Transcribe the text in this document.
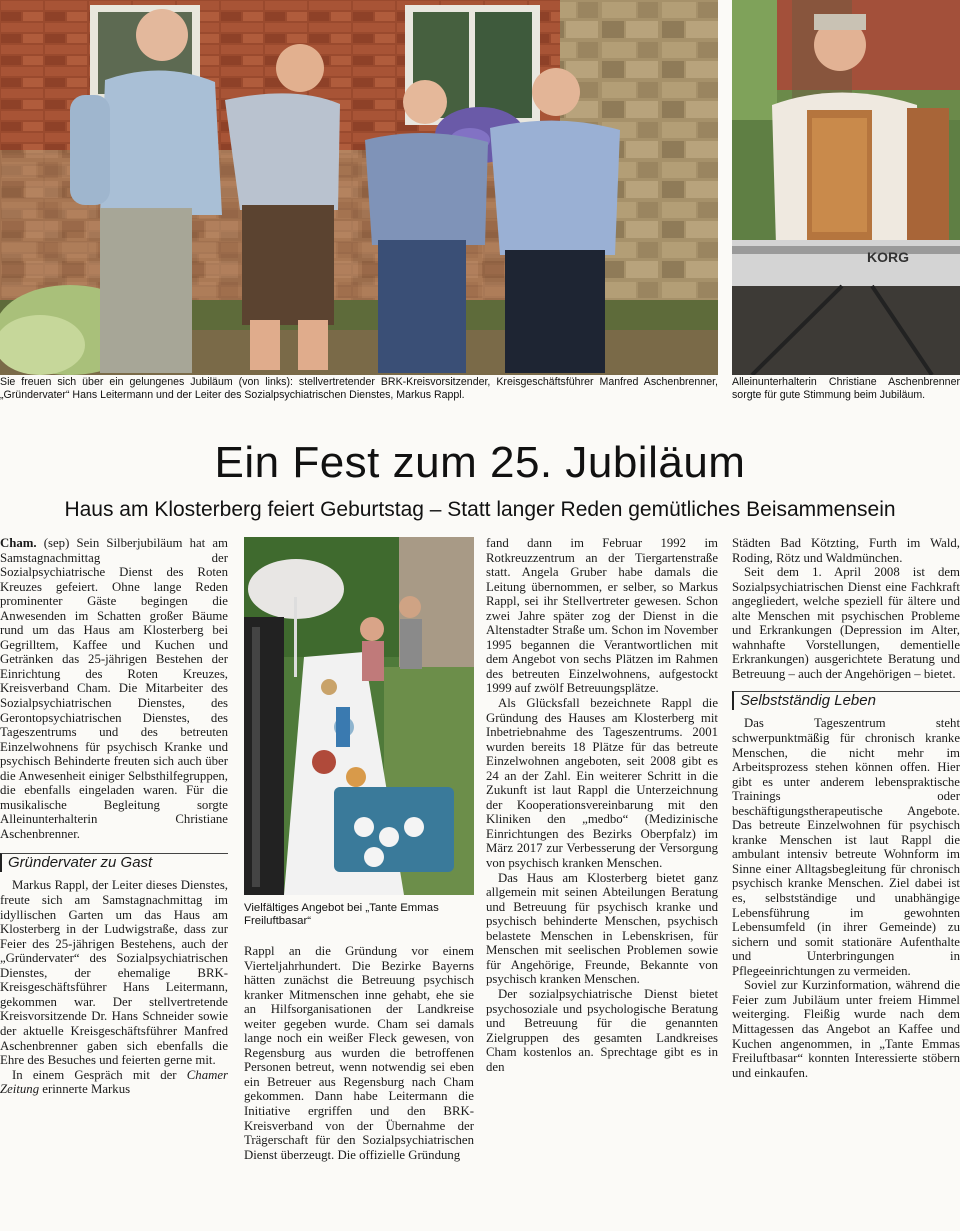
KORG
Sie freuen sich über ein gelungenes Jubiläum (von links): stellvertretender BRK-Kreisvorsitzender, Kreisgeschäftsführer Manfred Aschenbrenner, „Gründervater“ Hans Leitermann und der Leiter des Sozialpsychiatrischen Dienstes, Markus Rappl.
Alleinunterhalterin Christiane Aschenbrenner sorgte für gute Stimmung beim Jubiläum.
Ein Fest zum 25. Jubiläum
Haus am Klosterberg feiert Geburtstag – Statt langer Reden gemütliches Beisammensein
Vielfältiges Angebot bei „Tante Emmas Freiluftbasar“

Cham. (sep) Sein Silberjubiläum hat am Samstagnachmittag der Sozialpsychiatrische Dienst des Roten Kreuzes gefeiert. Ohne lange Reden prominenter Gäste begingen die Anwesenden im Schatten großer Bäume rund um das Haus am Klosterberg bei Gegrilltem, Kaffee und Kuchen und Getränken das 25-jährigen Bestehen der Einrichtung des Roten Kreuzes, Kreisverband Cham. Die Mitarbeiter des Sozialpsychiatrischen Dienstes, des Gerontopsychiatrischen Dienstes, des Tageszentrums und des betreuten Einzelwohnens für psychisch Kranke und psychisch Behinderte freuten sich auch über die Anwesenheit einiger Selbsthilfegruppen, die ebenfalls eingeladen waren. Für die musikalische Begleitung sorgte Alleinunterhalterin Christiane Aschenbrenner.

Gründervater zu Gast

Markus Rappl, der Leiter dieses Dienstes, freute sich am Samstagnachmittag im idyllischen Garten um das Haus am Klosterberg in der Ludwigstraße, dass zur Feier des 25-jährigen Bestehens, auch der „Gründervater“ des Sozialpsychiatrischen Dienstes, der ehemalige BRK-Kreisgeschäftsführer Hans Leitermann, gekommen war. Der stellvertretende Kreisvorsitzende Dr. Hans Schneider sowie der aktuelle Kreisgeschäftsführer Manfred Aschenbrenner gaben sich ebenfalls die Ehre des Besuches und feierten gerne mit.

In einem Gespräch mit der Chamer Zeitung erinnerte Markus

Rappl an die Gründung vor einem Vierteljahrhundert. Die Bezirke Bayerns hätten zunächst die Betreuung psychisch kranker Mitmenschen inne gehabt, ehe sie an Hilfsorganisationen der Landkreise weiter gegeben wurde. Cham sei damals lange noch ein weißer Fleck gewesen, von Regensburg aus wurden die betroffenen Personen betreut, wenn notwendig sei eben ein Betreuer aus Regensburg nach Cham gekommen. Dann habe Leitermann die Initiative ergriffen und den BRK-Kreisverband von der Übernahme der Trägerschaft für den Sozialpsychiatrischen Dienst überzeugt. Die offizielle Gründung

fand dann im Februar 1992 im Rotkreuzzentrum an der Tiergartenstraße statt. Angela Gruber habe damals die Leitung übernommen, er selber, so Markus Rappl, sei ihr Stellvertreter gewesen. Schon zwei Jahre später zog der Dienst in die Altenstadter Straße um. Schon im November 1995 begannen die Verantwortlichen mit dem Angebot von sechs Plätzen im Rahmen des betreuten Einzelwohnens, aufgestockt 1999 auf zwölf Betreuungsplätze.

Als Glücksfall bezeichnete Rappl die Gründung des Hauses am Klosterberg mit Inbetriebnahme des Tageszentrums. 2001 wurden bereits 18 Plätze für das betreute Einzelwohnen angeboten, seit 2008 gibt es 24 an der Zahl. Ein weiterer Schritt in die Zukunft ist laut Rappl die Unterzeichnung der Kooperationsvereinbarung mit den Kliniken den „medbo“ (Medizinische Einrichtungen des Bezirks Oberpfalz) im März 2017 zur Verbesserung der Versorgung von psychisch kranken Menschen.

Das Haus am Klosterberg bietet ganz allgemein mit seinen Abteilungen Beratung und Betreuung für psychisch kranke und psychisch behinderte Menschen, psychisch belastete Menschen in Lebenskrisen, für Menschen mit seelischen Problemen sowie für Angehörige, Freunde, Bekannte von psychisch kranken Menschen.

Der sozialpsychiatrische Dienst bietet psychosoziale und psychologische Beratung und Betreuung für die genannten Zielgruppen des gesamten Landkreises Cham kostenlos an. Sprechtage gibt es in den

Städten Bad Kötzting, Furth im Wald, Roding, Rötz und Waldmünchen.

Seit dem 1. April 2008 ist dem Sozialpsychiatrischen Dienst eine Fachkraft angegliedert, welche speziell für ältere und alte Menschen mit psychischen Probleme und Erkrankungen (Depression im Alter, wahnhafte Vorstellungen, dementielle Erkrankungen) ausgerichtete Beratung und Betreuung – auch der Angehörigen – bietet.

Selbstständig Leben

Das Tageszentrum steht schwerpunktmäßig für chronisch kranke Menschen, die nicht mehr im Arbeitsprozess stehen können offen. Hier gibt es unter anderem lebenspraktische Trainings oder beschäftigungstherapeutische Angebote. Das betreute Einzelwohnen für psychisch kranke Menschen ist laut Rappl die ambulant intensiv betreute Wohnform im Sinne einer Alltagsbegleitung für chronisch psychisch kranke Menschen. Ziel dabei ist es, selbstständige und unabhängige Lebensführung im gewohnten Lebensumfeld (in ihrer Gemeinde) zu sichern und somit stationäre Aufenthalte und Unterbringungen in Pflegeeinrichtungen zu vermeiden.

Soviel zur Kurzinformation, während die Feier zum Jubiläum unter freiem Himmel weiterging. Fleißig wurde nach dem Mittagessen das Angebot an Kaffee und Kuchen angenommen, in „Tante Emmas Freiluftbasar“ konnten Interessierte stöbern und einkaufen.
